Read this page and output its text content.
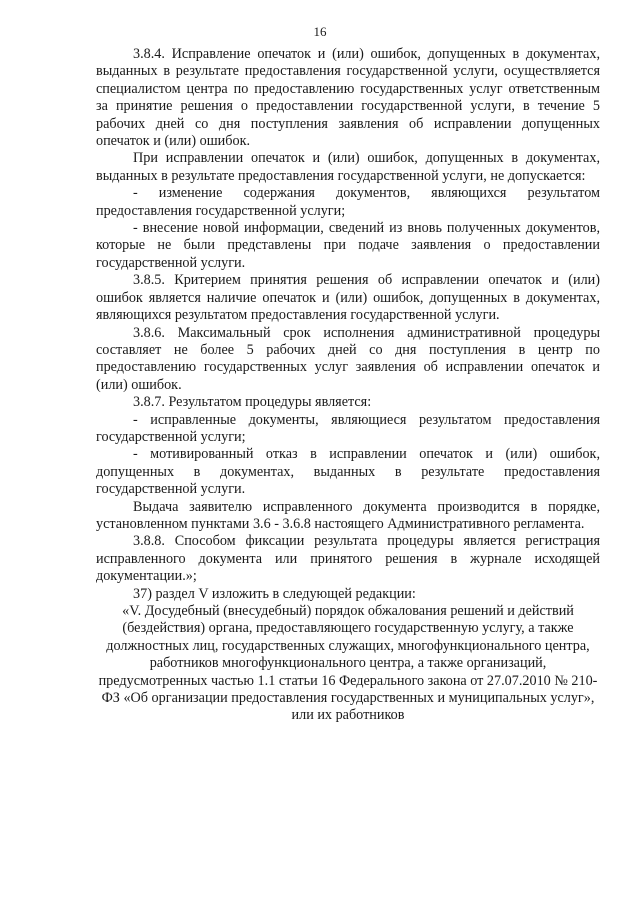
16

3.8.4. Исправление опечаток и (или) ошибок, допущенных в документах, выданных в результате предоставления государственной услуги, осуществляется специалистом центра по предоставлению государственных услуг ответственным за принятие решения о предоставлении государственной услуги, в течение 5 рабочих дней со дня поступления заявления об исправлении допущенных опечаток и (или) ошибок.

При исправлении опечаток и (или) ошибок, допущенных в документах, выданных в результате предоставления государственной услуги, не допускается:

- изменение содержания документов, являющихся результатом предоставления государственной услуги;

- внесение новой информации, сведений из вновь полученных документов, которые не были представлены при подаче заявления о предоставлении государственной услуги.

3.8.5. Критерием принятия решения об исправлении опечаток и (или) ошибок является наличие опечаток и (или) ошибок, допущенных в документах, являющихся результатом предоставления государственной услуги.

3.8.6. Максимальный срок исполнения административной процедуры составляет не более 5 рабочих дней со дня поступления в центр по предоставлению государственных услуг заявления об исправлении опечаток и (или) ошибок.

3.8.7. Результатом процедуры является:

- исправленные документы, являющиеся результатом предоставления государственной услуги;

- мотивированный отказ в исправлении опечаток и (или) ошибок, допущенных в документах, выданных в результате предоставления государственной услуги.

Выдача заявителю исправленного документа производится в порядке, установленном пунктами 3.6 - 3.6.8 настоящего Административного регламента.

3.8.8. Способом фиксации результата процедуры является регистрация исправленного документа или принятого решения в журнале исходящей документации.»;

37) раздел V изложить в следующей редакции:

«V. Досудебный (внесудебный) порядок обжалования решений и действий (бездействия) органа, предоставляющего государственную услугу, а также должностных лиц, государственных служащих, многофункционального центра, работников многофункционального центра, а также организаций, предусмотренных частью 1.1 статьи 16 Федерального закона от 27.07.2010 № 210-ФЗ «Об организации предоставления государственных и муниципальных услуг», или их работников
